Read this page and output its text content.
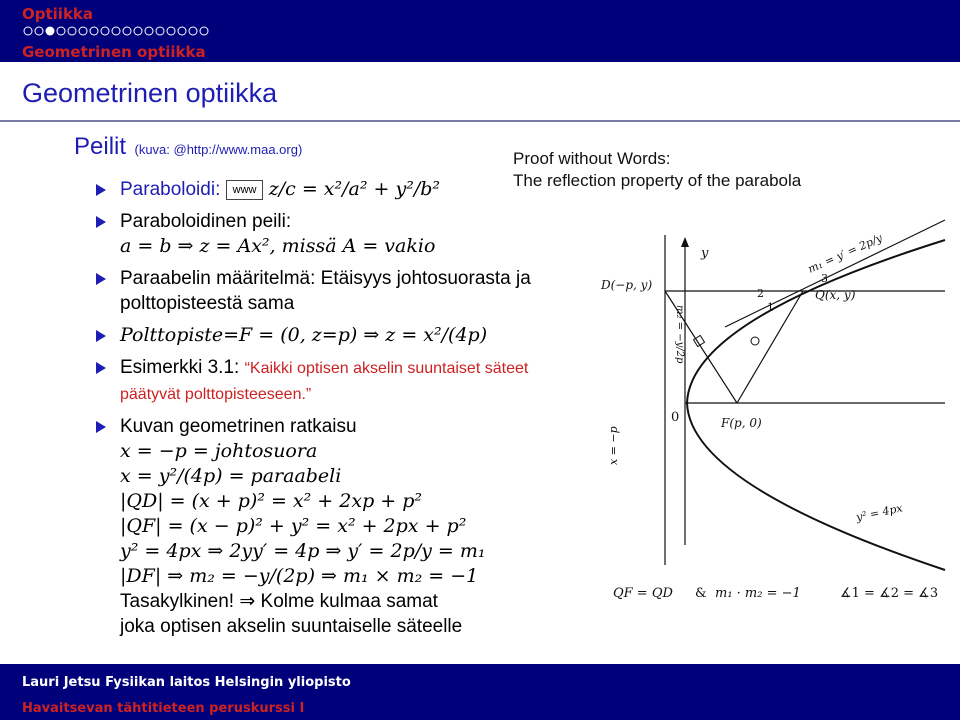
Optiikka
Geometrinen optiikka
Geometrinen optiikka
Peilit (kuva: @http://www.maa.org)
Paraboloidi: www z/c = x²/a² + y²/b²
Paraboloidinen peili:
a = b ⇒ z = Ax², missä A = vakio
Paraabelin määritelmä: Etäisyys johtosuorasta ja polttopisteestä sama
Polttopiste=F = (0, z=p) ⇒ z = x²/(4p)
Esimerkki 3.1: “Kaikki optisen akselin suuntaiset säteet päätyvät polttopisteeseen.”
Kuvan geometrinen ratkaisu
x = −p = johtosuora
x = y²/(4p) = paraabeli
|QD| = (x + p)² = x² + 2xp + p²
|QF| = (x − p)² + y² = x² + 2px + p²
y² = 4px ⇒ 2yy′ = 4p ⇒ y′ = 2p/y = m₁
|DF| ⇒ m₂ = −y/(2p) ⇒ m₁ × m₂ = −1
Tasakylkinen! ⇒ Kolme kulmaa samat
joka optisen akselin suuntaiselle säteelle
Proof without Words:
The reflection property of the parabola
y
0
D(−p, y)
Q(x, y)
F(p, 0)
1
2
3
m₁ = y′ = 2p/y
m₂ = −y/2p
x = −p
y² = 4px
QF = QD & m₁ · m₂ = −1	∡1 = ∡2 = ∡3
Lauri Jetsu Fysiikan laitos Helsingin yliopisto
Havaitsevan tähtitieteen peruskurssi I
